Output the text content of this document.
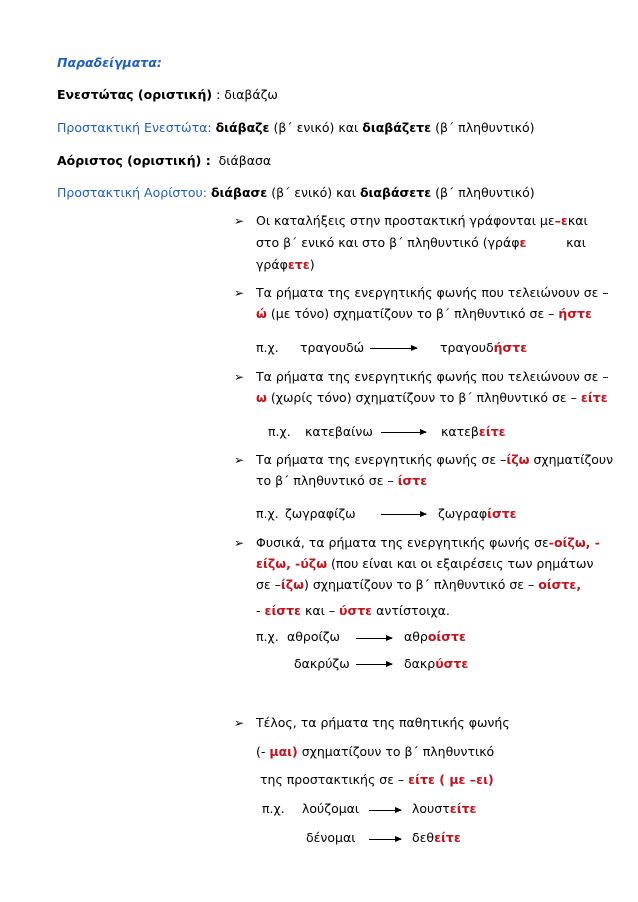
Παραδείγματα:
Ενεστώτας (οριστική) : διαβάζω
Προστακτική Ενεστώτα: διάβαζε (β΄ ενικό) και διαβάζετε (β΄ πληθυντικό)
Αόριστος (οριστική) : διάβασα
Προστακτική Αορίστου: διάβασε (β΄ ενικό) και διαβάσετε (β΄ πληθυντικό)
➢ Οι καταλήξεις στην προστακτική γράφονται με –ε και
στο β΄ ενικό και στο β΄ πληθυντικό (γράφε	και
γράφετε)
➢ Τα ρήματα της ενεργητικής φωνής που τελειώνουν σε –
ώ (με τόνο) σχηματίζουν το β΄ πληθυντικό σε – ήστε
π.χ. τραγουδώ	τραγουδήστε
➢ Τα ρήματα της ενεργητικής φωνής που τελειώνουν σε –
ω (χωρίς τόνο) σχηματίζουν το β΄ πληθυντικό σε – είτε
π.χ. κατεβαίνω	κατεβείτε
➢ Τα ρήματα της ενεργητικής φωνής σε –ίζω σχηματίζουν
το β΄ πληθυντικό σε – ίστε
π.χ. ζωγραφίζω	ζωγραφίστε
➢ Φυσικά, τα ρήματα της ενεργητικής φωνής σε -οίζω, -
είζω, -ύζω (που είναι και οι εξαιρέσεις των ρημάτων
σε –ίζω) σχηματίζουν το β΄ πληθυντικό σε – οίστε,
- είστε και – ύστε αντίστοιχα.
π.χ. αθροίζω	αθροίστε
δακρύζω	δακρύστε
➢ Τέλος, τα ρήματα της παθητικής φωνής
(- μαι) σχηματίζουν το β΄ πληθυντικό
της προστακτικής σε – είτε ( με –ει)
π.χ. λούζομαι	λουστείτε
δένομαι	δεθείτε
